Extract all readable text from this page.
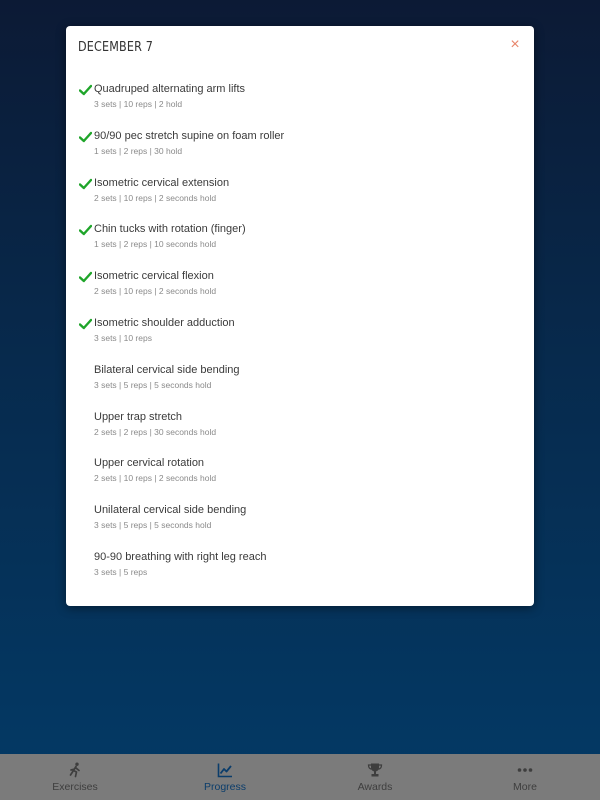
DECEMBER 7	×
Quadruped alternating arm lifts
3 sets | 10 reps | 2 hold
90/90 pec stretch supine on foam roller
1 sets | 2 reps | 30 hold
Isometric cervical extension
2 sets | 10 reps | 2 seconds hold
Chin tucks with rotation (finger)
1 sets | 2 reps | 10 seconds hold
Isometric cervical flexion
2 sets | 10 reps | 2 seconds hold
Isometric shoulder adduction
3 sets | 10 reps
Bilateral cervical side bending
3 sets | 5 reps | 5 seconds hold
Upper trap stretch
2 sets | 2 reps | 30 seconds hold
Upper cervical rotation
2 sets | 10 reps | 2 seconds hold
Unilateral cervical side bending
3 sets | 5 reps | 5 seconds hold
90-90 breathing with right leg reach
3 sets | 5 reps
Exercises	Progress	Awards	More
